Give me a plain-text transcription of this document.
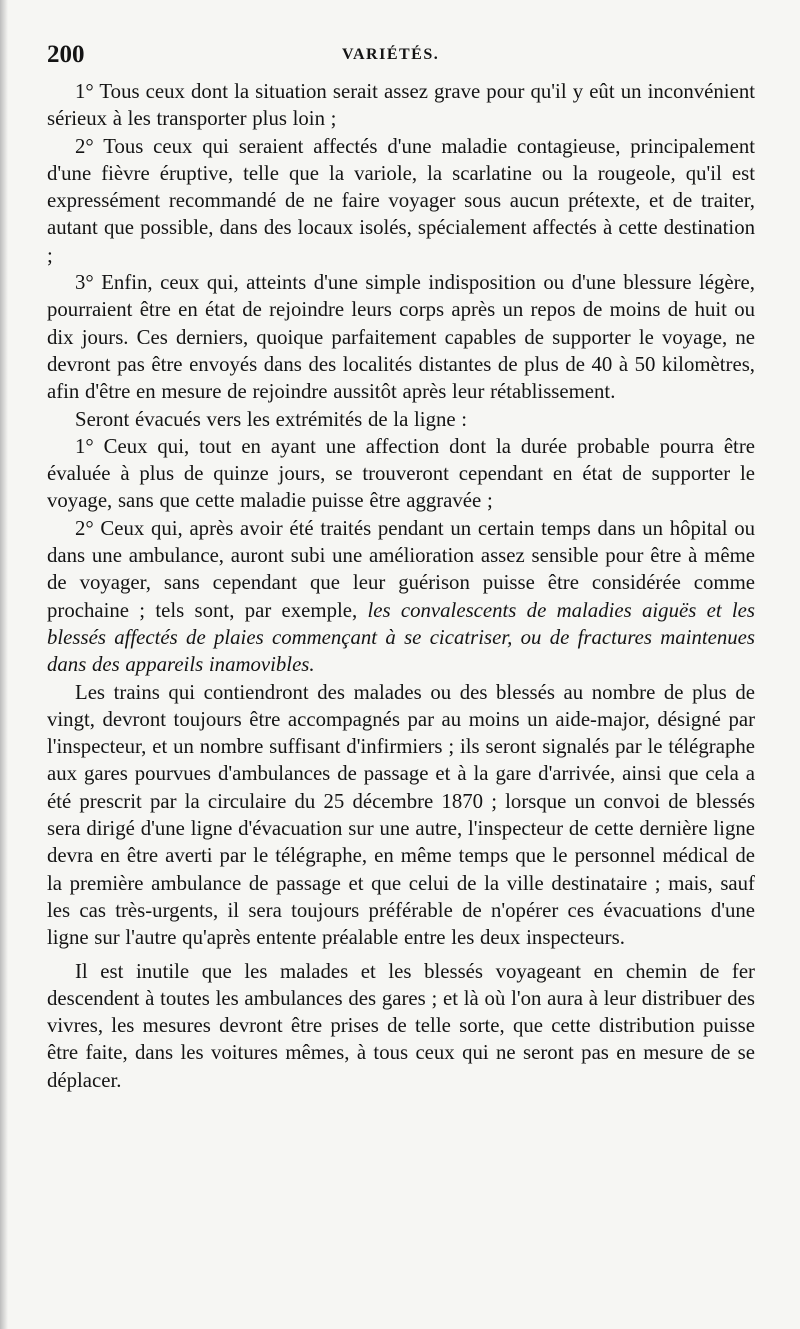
200	VARIÉTÉS.

1° Tous ceux dont la situation serait assez grave pour qu'il y eût un inconvénient sérieux à les transporter plus loin ;

2° Tous ceux qui seraient affectés d'une maladie contagieuse, principalement d'une fièvre éruptive, telle que la variole, la scarlatine ou la rougeole, qu'il est expressément recommandé de ne faire voyager sous aucun prétexte, et de traiter, autant que possible, dans des locaux isolés, spécialement affectés à cette destination ;

3° Enfin, ceux qui, atteints d'une simple indisposition ou d'une blessure légère, pourraient être en état de rejoindre leurs corps après un repos de moins de huit ou dix jours. Ces derniers, quoique parfaitement capables de supporter le voyage, ne devront pas être envoyés dans des localités distantes de plus de 40 à 50 kilomètres, afin d'être en mesure de rejoindre aussitôt après leur rétablissement.

Seront évacués vers les extrémités de la ligne :

1° Ceux qui, tout en ayant une affection dont la durée probable pourra être évaluée à plus de quinze jours, se trouveront cependant en état de supporter le voyage, sans que cette maladie puisse être aggravée ;

2° Ceux qui, après avoir été traités pendant un certain temps dans un hôpital ou dans une ambulance, auront subi une amélioration assez sensible pour être à même de voyager, sans cependant que leur guérison puisse être considérée comme prochaine ; tels sont, par exemple, les convalescents de maladies aiguës et les blessés affectés de plaies commençant à se cicatriser, ou de fractures maintenues dans des appareils inamovibles.

Les trains qui contiendront des malades ou des blessés au nombre de plus de vingt, devront toujours être accompagnés par au moins un aide-major, désigné par l'inspecteur, et un nombre suffisant d'infirmiers ; ils seront signalés par le télégraphe aux gares pourvues d'ambulances de passage et à la gare d'arrivée, ainsi que cela a été prescrit par la circulaire du 25 décembre 1870 ; lorsque un convoi de blessés sera dirigé d'une ligne d'évacuation sur une autre, l'inspecteur de cette dernière ligne devra en être averti par le télégraphe, en même temps que le personnel médical de la première ambulance de passage et que celui de la ville destinataire ; mais, sauf les cas très-urgents, il sera toujours préférable de n'opérer ces évacuations d'une ligne sur l'autre qu'après entente préalable entre les deux inspecteurs.

Il est inutile que les malades et les blessés voyageant en chemin de fer descendent à toutes les ambulances des gares ; et là où l'on aura à leur distribuer des vivres, les mesures devront être prises de telle sorte, que cette distribution puisse être faite, dans les voitures mêmes, à tous ceux qui ne seront pas en mesure de se déplacer.
